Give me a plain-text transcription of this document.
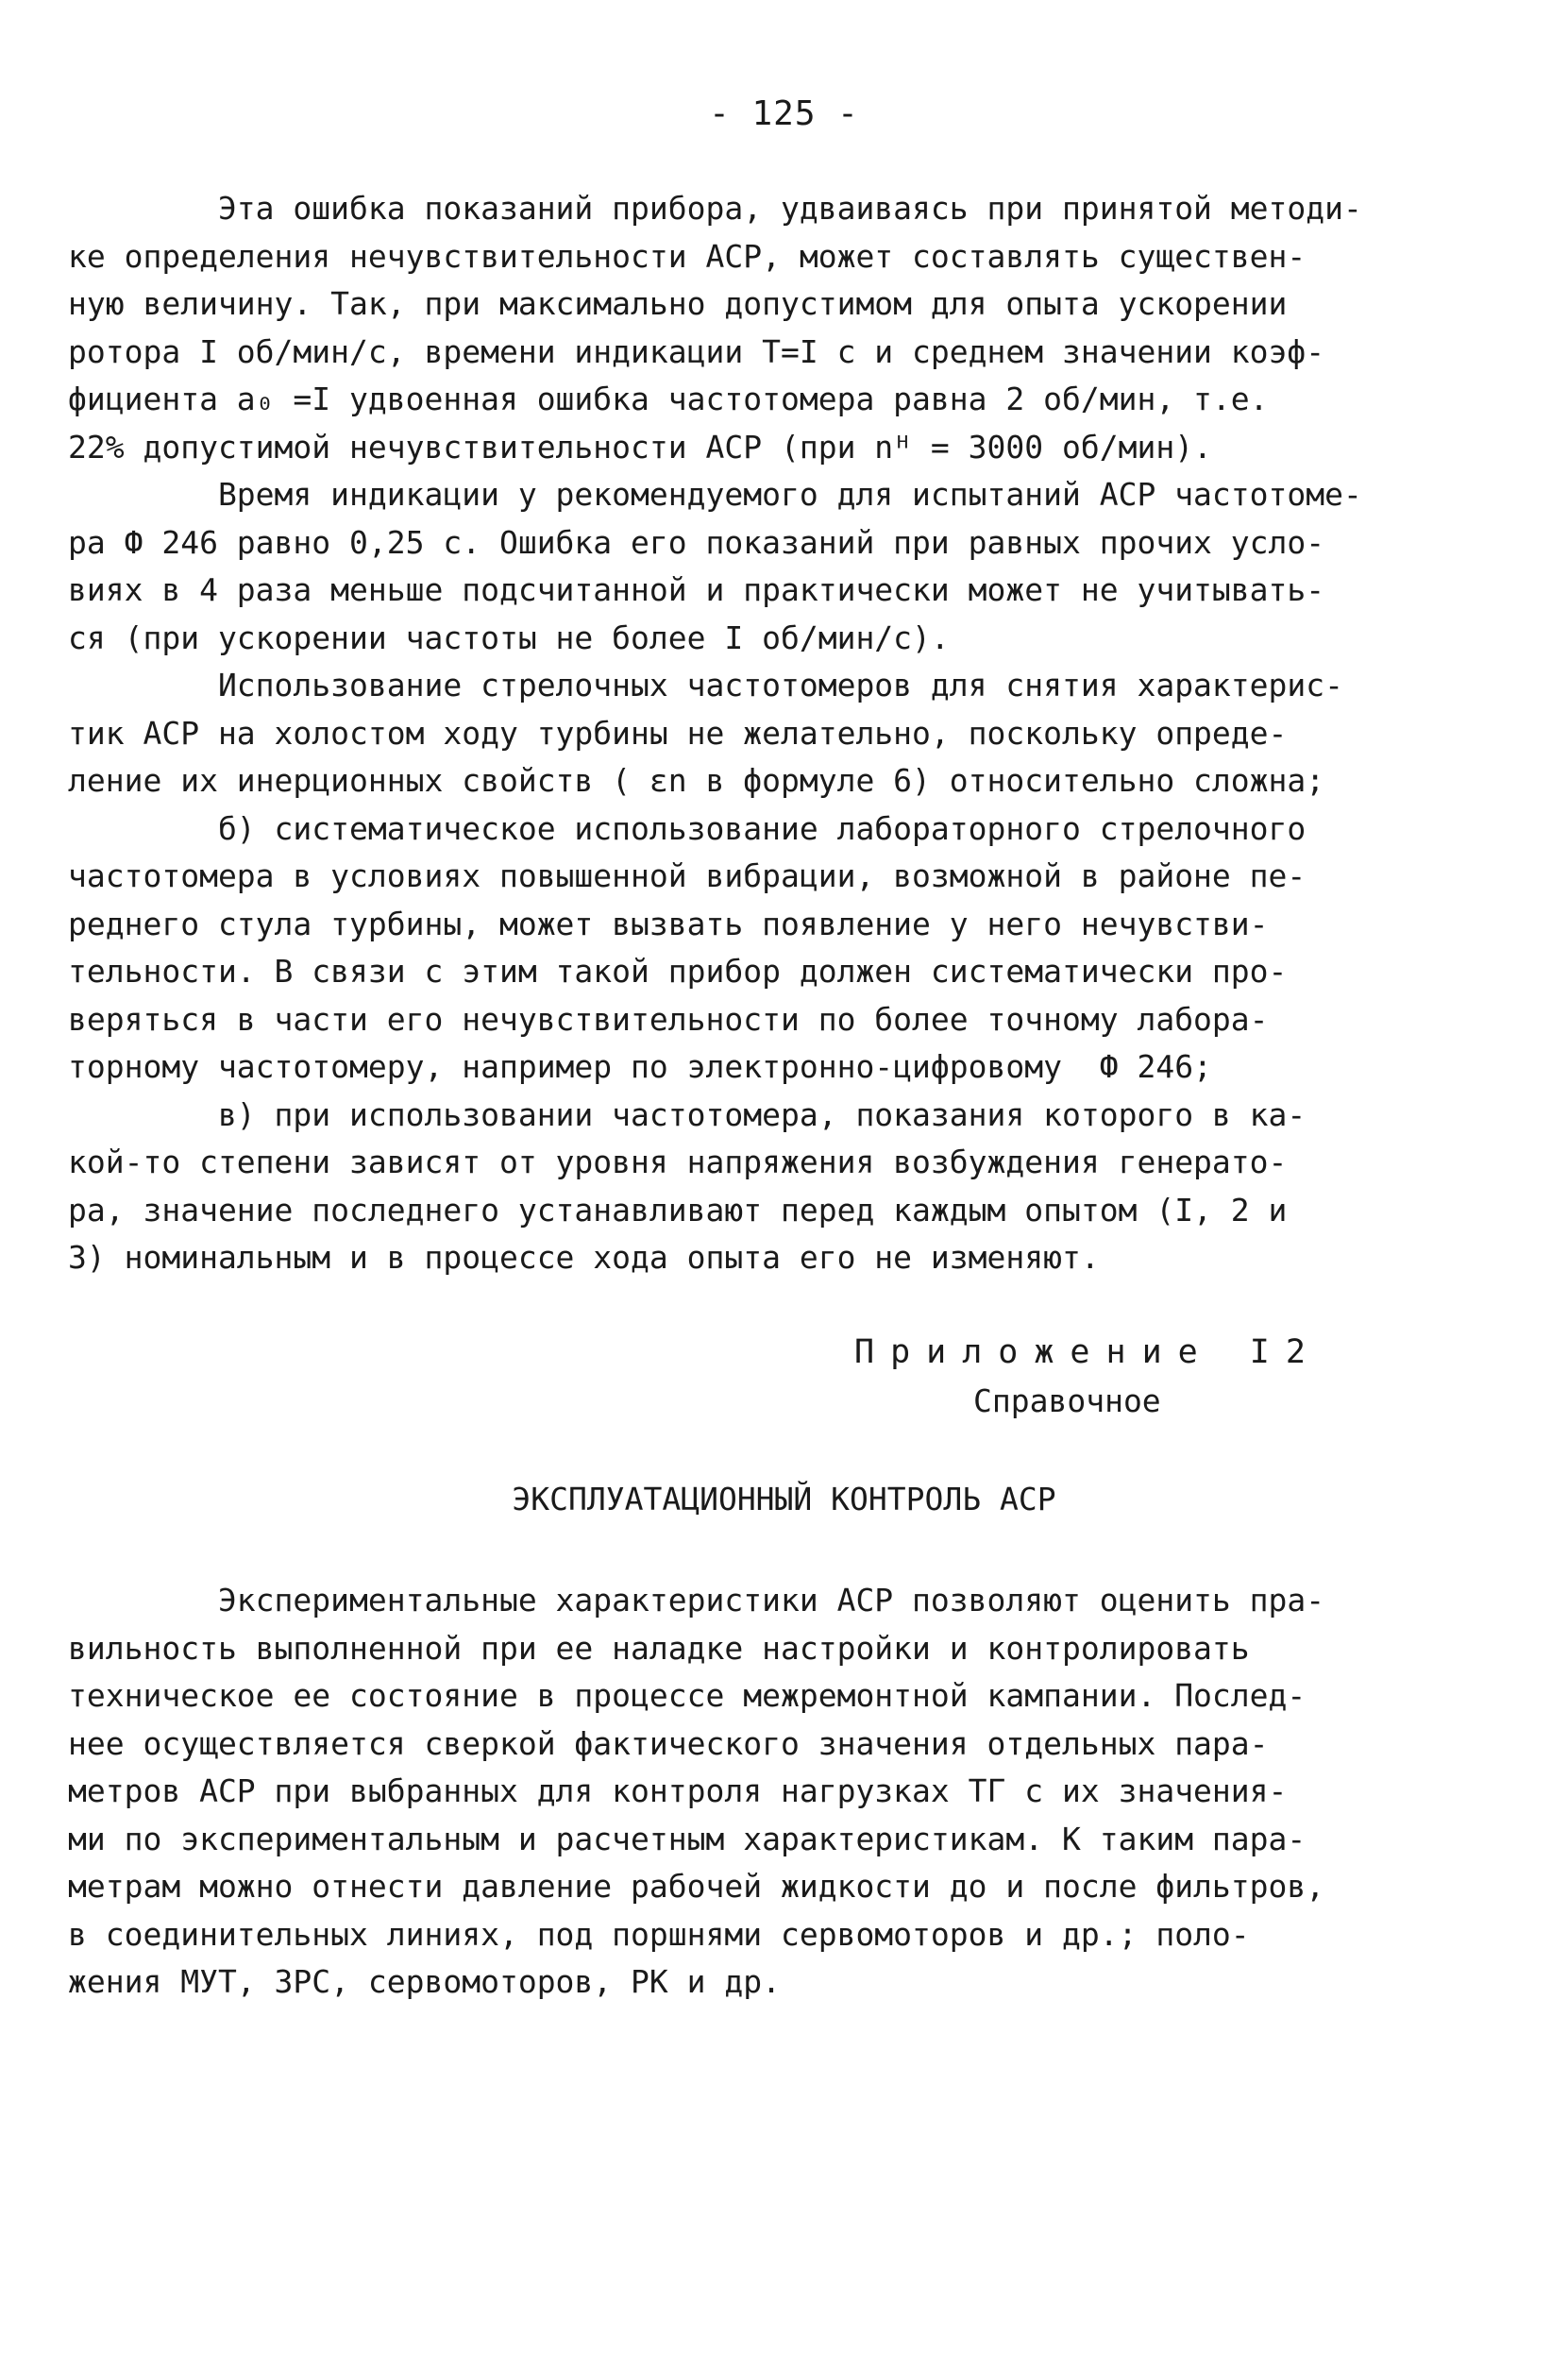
- 125 -
Эта ошибка показаний прибора, удваиваясь при принятой методи-
ке определения нечувствительности АСР, может составлять существен-
ную величину. Так, при максимально допустимом для опыта ускорении
ротора I об/мин/с, времени индикации Т=I с и среднем значении коэф-
фициента a₀ =I удвоенная ошибка частотомера равна 2 об/мин, т.е.
22% допустимой нечувствительности АСР (при nᴴ = 3000 об/мин).
Время индикации у рекомендуемого для испытаний АСР частотоме-
ра Ф 246 равно 0,25 с. Ошибка его показаний при равных прочих усло-
виях в 4 раза меньше подсчитанной и практически может не учитывать-
ся (при ускорении частоты не более I об/мин/с).
Использование стрелочных частотомеров для снятия характерис-
тик АСР на холостом ходу турбины не желательно, поскольку опреде-
ление их инерционных свойств ( εn в формуле 6) относительно сложна;
б) систематическое использование лабораторного стрелочного
частотомера в условиях повышенной вибрации, возможной в районе пе-
реднего стула турбины, может вызвать появление у него нечувстви-
тельности. В связи с этим такой прибор должен систематически про-
веряться в части его нечувствительности по более точному лабора-
торному частотомеру, например по электронно-цифровому  Ф 246;
в) при использовании частотомера, показания которого в ка-
кой-то степени зависят от уровня напряжения возбуждения генерато-
ра, значение последнего устанавливают перед каждым опытом (I, 2 и
3) номинальным и в процессе хода опыта его не изменяют.
Приложение I2
Справочное
ЭКСПЛУАТАЦИОННЫЙ КОНТРОЛЬ АСР
Экспериментальные характеристики АСР позволяют оценить пра-
вильность выполненной при ее наладке настройки и контролировать
техническое ее состояние в процессе межремонтной кампании. Послед-
нее осуществляется сверкой фактического значения отдельных пара-
метров АСР при выбранных для контроля нагрузках ТГ с их значения-
ми по экспериментальным и расчетным характеристикам. К таким пара-
метрам можно отнести давление рабочей жидкости до и после фильтров,
в соединительных линиях, под поршнями сервомоторов и др.; поло-
жения МУТ, ЗРС, сервомоторов, РК и др.
